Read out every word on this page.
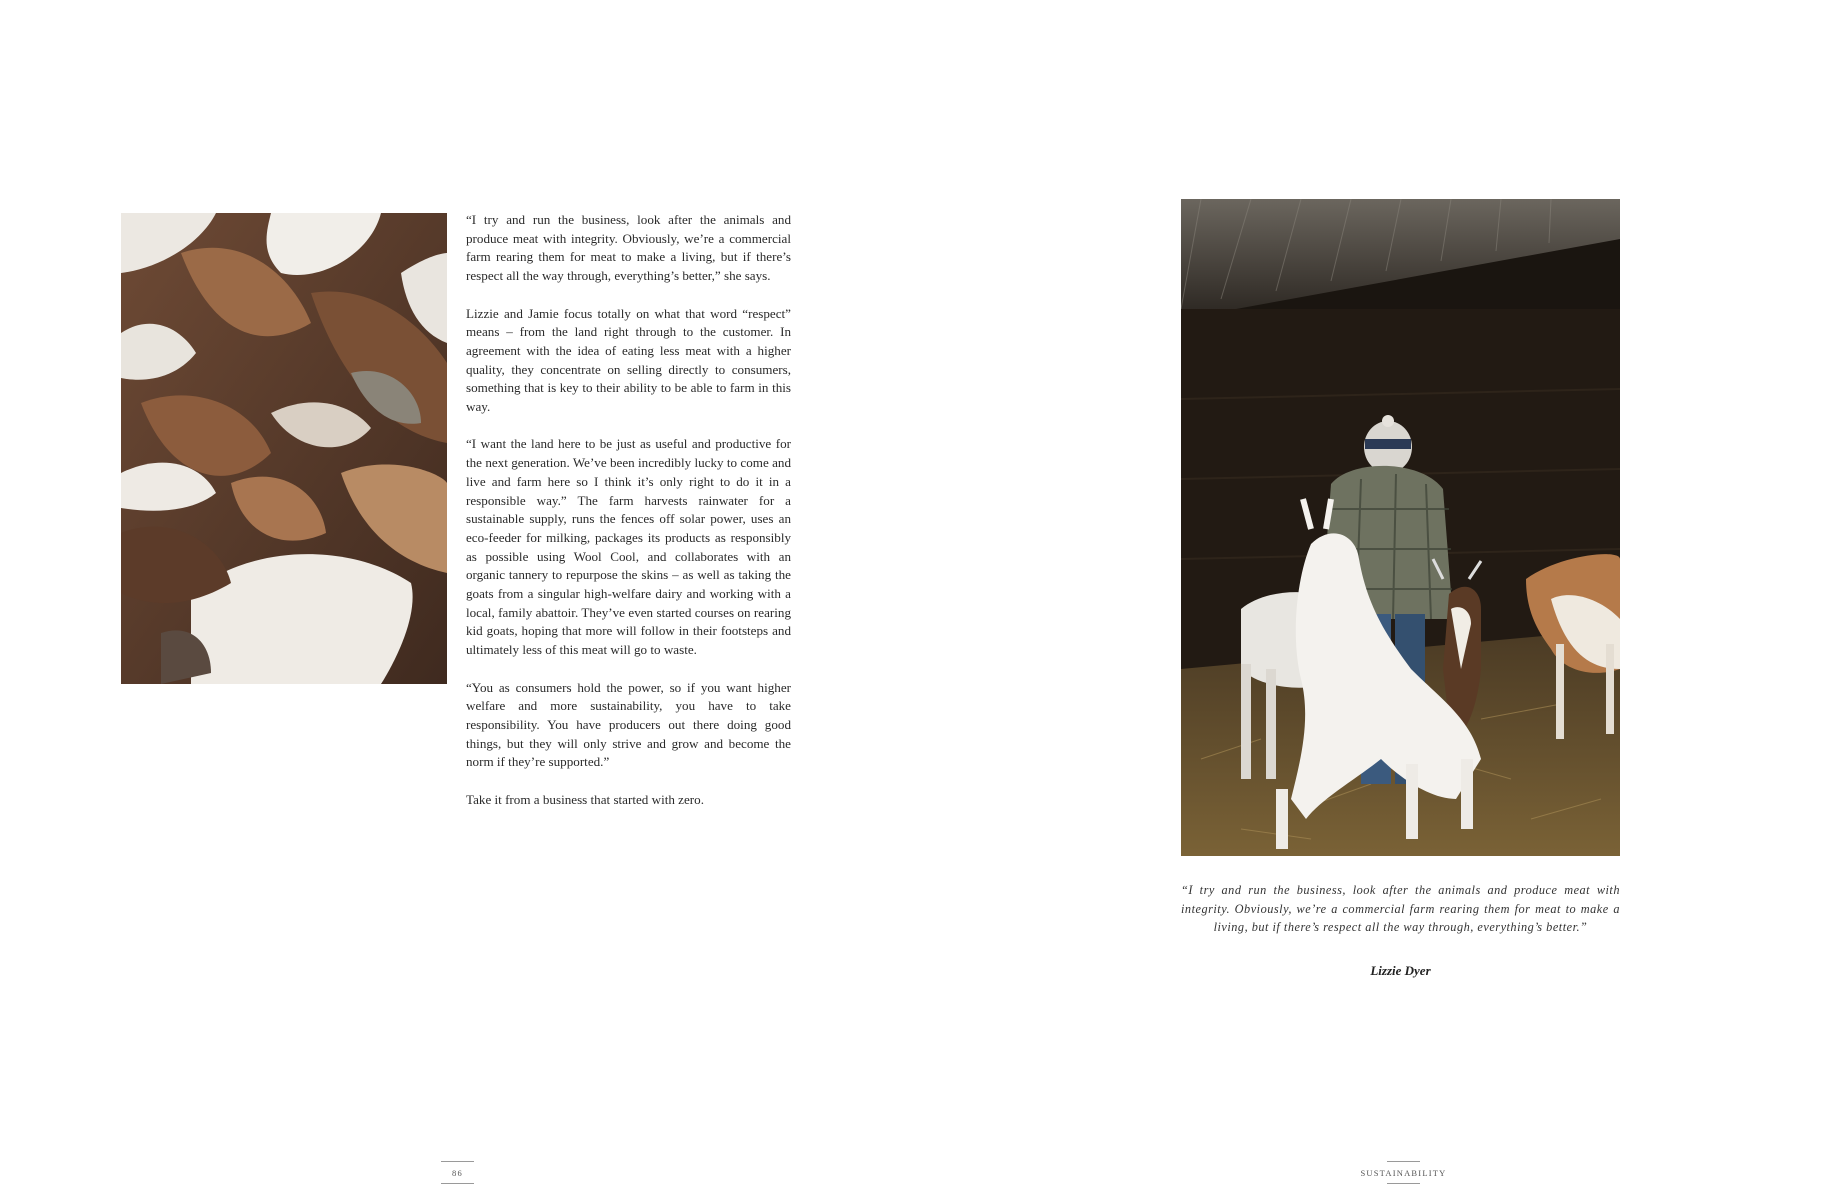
“I try and run the business, look after the animals and produce meat with integrity. Obviously, we’re a commercial farm rearing them for meat to make a living, but if there’s respect all the way through, everything’s better,” she says.

Lizzie and Jamie focus totally on what that word “respect” means – from the land right through to the customer. In agreement with the idea of eating less meat with a higher quality, they concentrate on selling directly to consumers, something that is key to their ability to be able to farm in this way.

“I want the land here to be just as useful and productive for the next generation. We’ve been incredibly lucky to come and live and farm here so I think it’s only right to do it in a responsible way.” The farm harvests rainwater for a sustainable supply, runs the fences off solar power, uses an eco-feeder for milking, packages its products as responsibly as possible using Wool Cool, and collaborates with an organic tannery to repurpose the skins – as well as taking the goats from a singular high-welfare dairy and working with a local, family abattoir. They’ve even started courses on rearing kid goats, hoping that more will follow in their footsteps and ultimately less of this meat will go to waste.

“You as consumers hold the power, so if you want higher welfare and more sustainability, you have to take responsibility. You have producers out there doing good things, but they will only strive and grow and become the norm if they’re supported.”

Take it from a business that started with zero.

“I try and run the business, look after the animals and produce meat with integrity. Obviously, we’re a commercial farm rearing them for meat to make a living, but if there’s respect all the way through, everything’s better.”
Lizzie Dyer
86	SUSTAINABILITY
